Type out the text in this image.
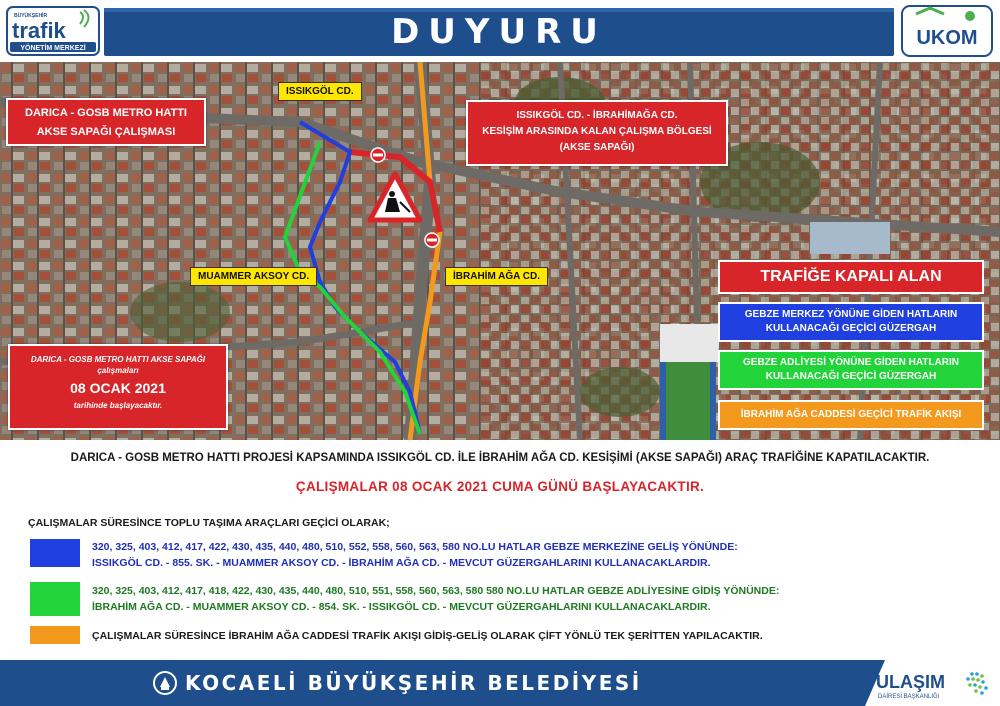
BÜYÜKŞEHİR
trafik
YÖNETİM MERKEZİ	DUYURU	UKOM
ISSIKGÖL CD.
MUAMMER AKSOY CD.	İBRAHİM AĞA CD.
DARICA - GOSB METRO HATTI
AKSE SAPAĞI ÇALIŞMASI
ISSIKGÖL CD. - İBRAHİMAĞA CD.
KESİŞİM ARASINDA KALAN ÇALIŞMA BÖLGESİ
(AKSE SAPAĞI)
DARICA - GOSB METRO HATTI AKSE SAPAĞI
çalışmaları
08 OCAK 2021
tarihinde başlayacaktır.
TRAFİĞE KAPALI ALAN
GEBZE MERKEZ YÖNÜNE GİDEN HATLARIN
KULLANACAĞI GEÇİCİ GÜZERGAH
GEBZE ADLİYESİ YÖNÜNE GİDEN HATLARIN
KULLANACAĞI GEÇİCİ GÜZERGAH
İBRAHİM AĞA CADDESİ GEÇİCİ TRAFİK AKIŞI
DARICA - GOSB METRO HATTI PROJESİ KAPSAMINDA ISSIKGÖL CD. İLE İBRAHİM AĞA CD. KESİŞİMİ (AKSE SAPAĞI) ARAÇ TRAFİĞİNE KAPATILACAKTIR.
ÇALIŞMALAR 08 OCAK 2021 CUMA GÜNÜ BAŞLAYACAKTIR.
ÇALIŞMALAR SÜRESİNCE TOPLU TAŞIMA ARAÇLARI GEÇİCİ OLARAK;
320, 325, 403, 412, 417, 422, 430, 435, 440, 480, 510, 552, 558, 560, 563, 580 NO.LU HATLAR GEBZE MERKEZİNE GELİŞ YÖNÜNDE:
ISSIKGÖL CD. - 855. SK. - MUAMMER AKSOY CD. - İBRAHİM AĞA CD. - MEVCUT GÜZERGAHLARINI KULLANACAKLARDIR.
320, 325, 403, 412, 417, 418, 422, 430, 435, 440, 480, 510, 551, 558, 560, 563, 580 580 NO.LU HATLAR GEBZE ADLİYESİNE GİDİŞ YÖNÜNDE:
İBRAHİM AĞA CD. - MUAMMER AKSOY CD. - 854. SK. - ISSIKGÖL CD. - MEVCUT GÜZERGAHLARINI KULLANACAKLARDIR.
ÇALIŞMALAR SÜRESİNCE İBRAHİM AĞA CADDESİ TRAFİK AKIŞI GİDİŞ-GELİŞ OLARAK ÇİFT YÖNLÜ TEK ŞERİTTEN YAPILACAKTIR.
KOCAELİ BÜYÜKŞEHİR BELEDİYESİ	ULAŞIM
DAİRESİ BAŞKANLIĞI
